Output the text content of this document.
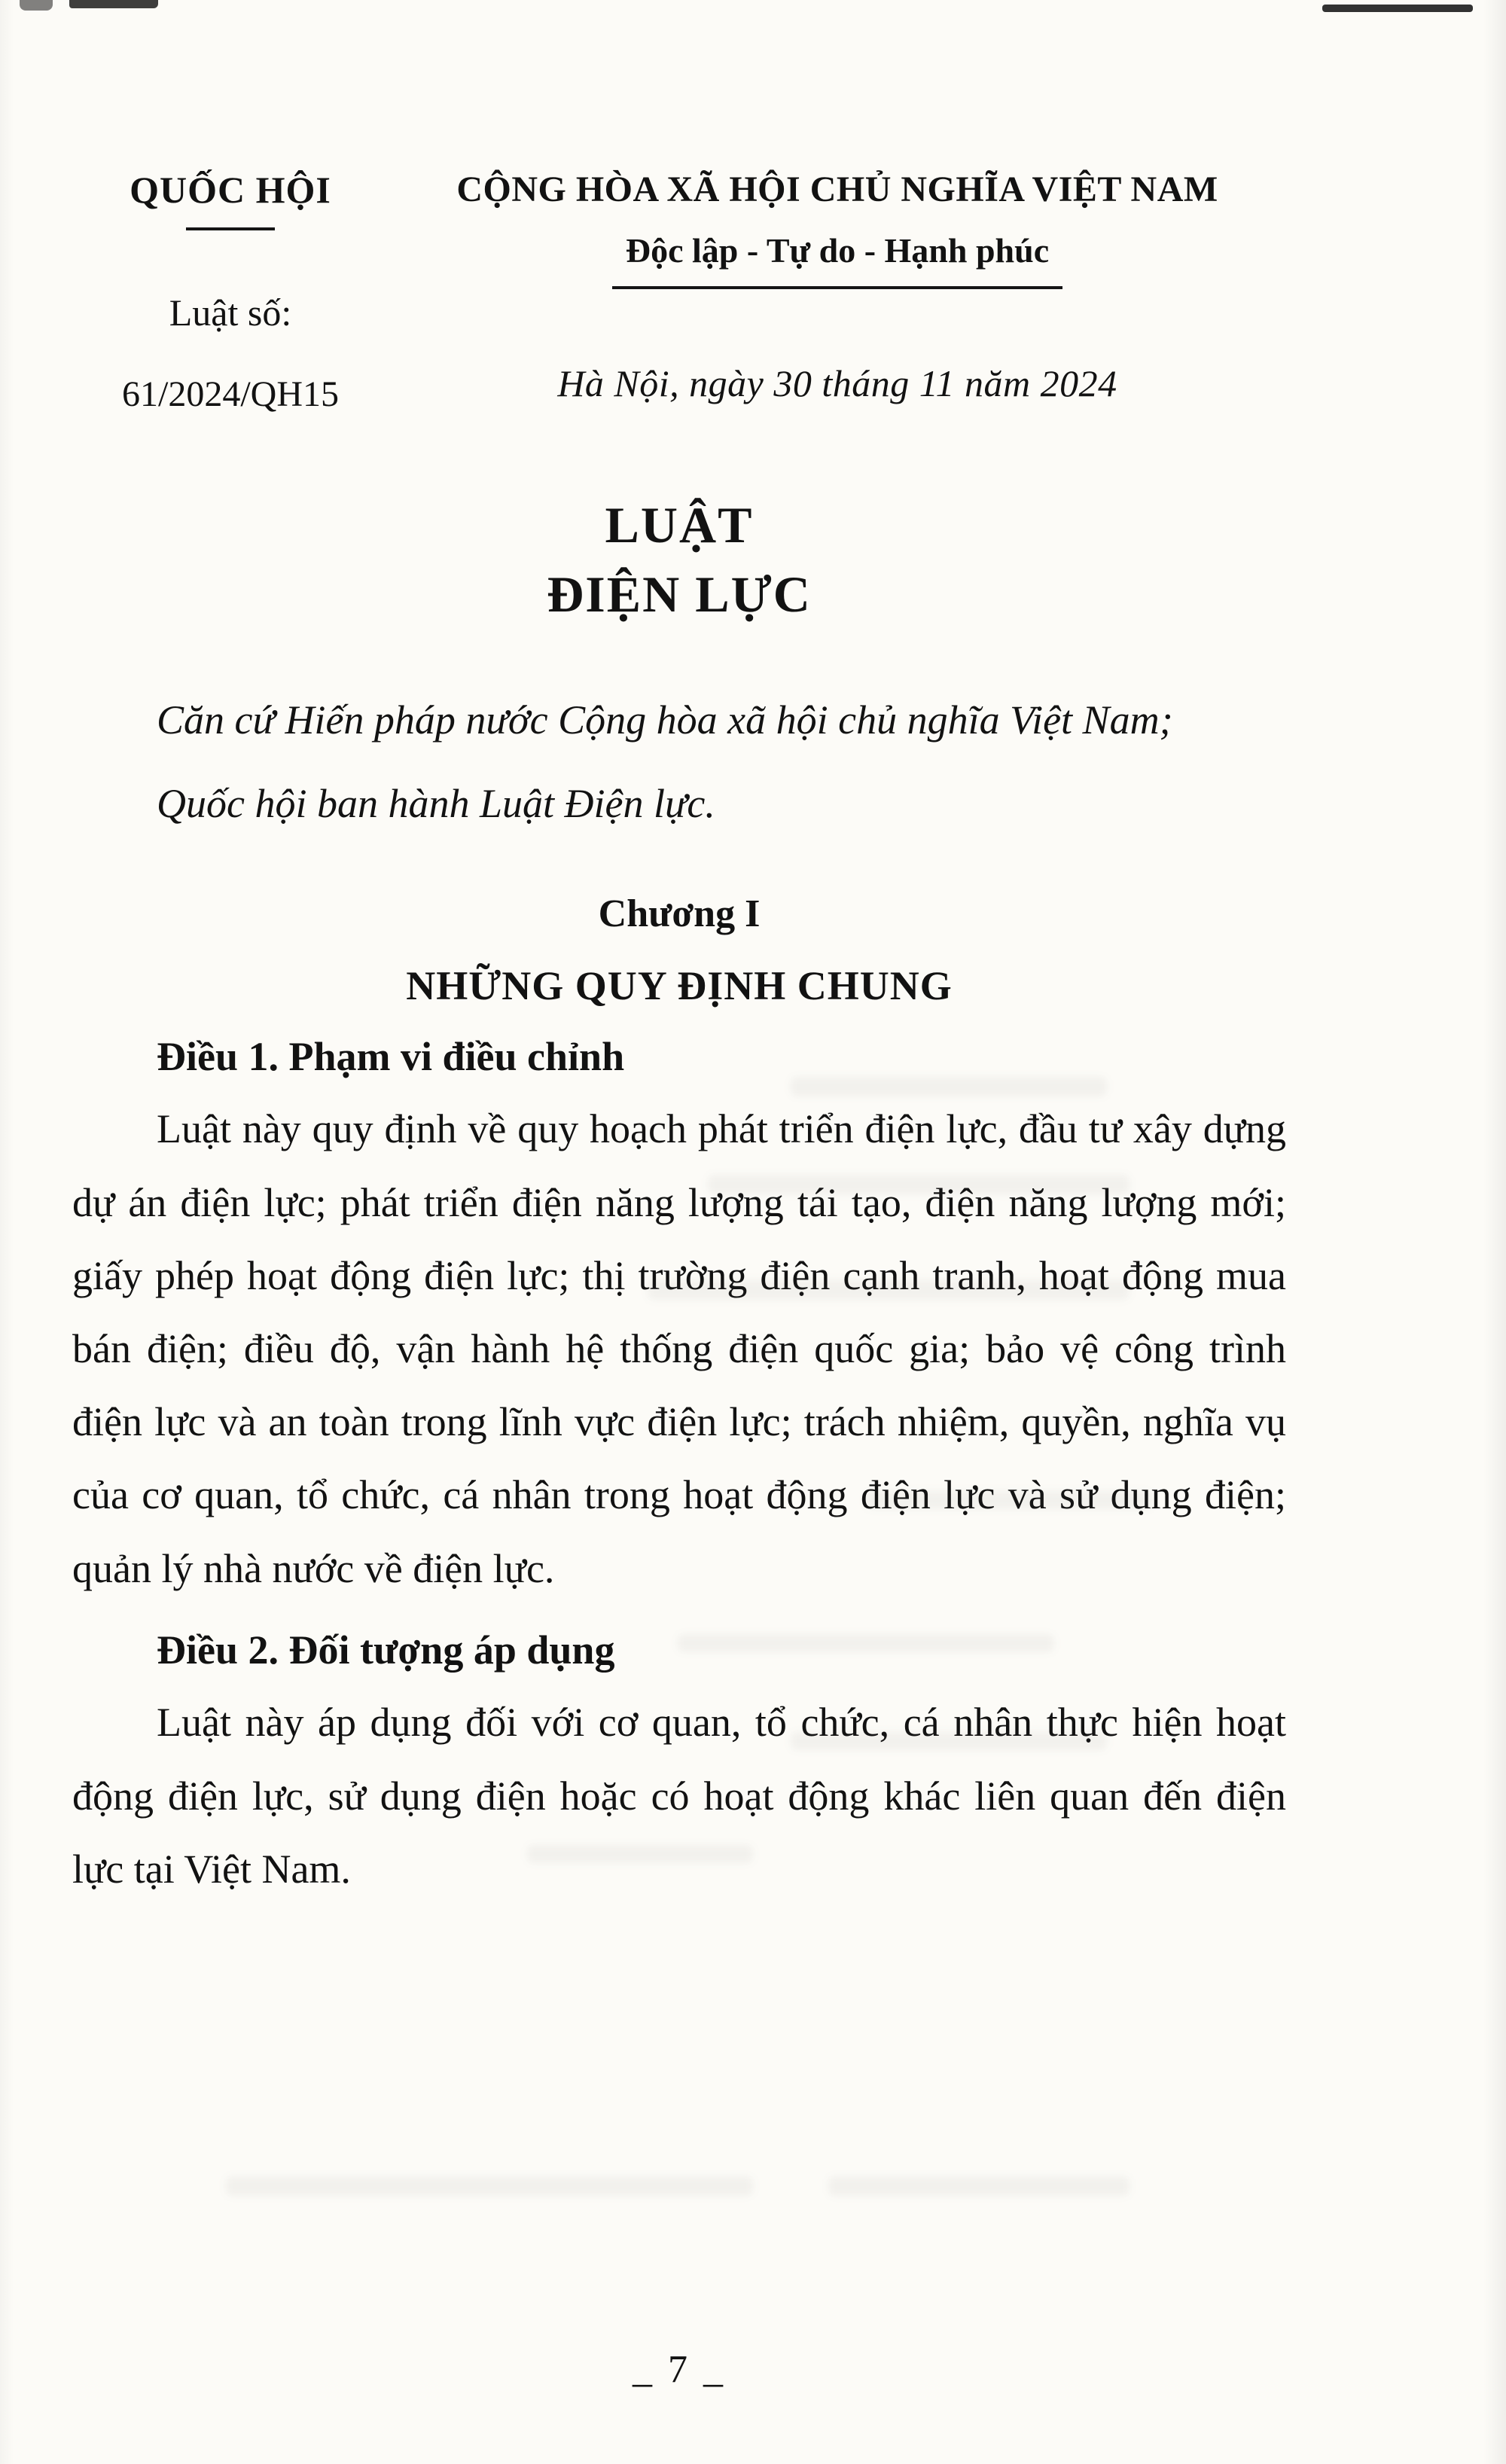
QUỐC HỘI
Luật số:
61/2024/QH15
CỘNG HÒA XÃ HỘI CHỦ NGHĨA VIỆT NAM
Độc lập - Tự do - Hạnh phúc
Hà Nội, ngày 30 tháng 11 năm 2024
LUẬT
ĐIỆN LỰC

Căn cứ Hiến pháp nước Cộng hòa xã hội chủ nghĩa Việt Nam;

Quốc hội ban hành Luật Điện lực.

Chương I
NHỮNG QUY ĐỊNH CHUNG
Điều 1. Phạm vi điều chỉnh

Luật này quy định về quy hoạch phát triển điện lực, đầu tư xây dựng dự án điện lực; phát triển điện năng lượng tái tạo, điện năng lượng mới; giấy phép hoạt động điện lực; thị trường điện cạnh tranh, hoạt động mua bán điện; điều độ, vận hành hệ thống điện quốc gia; bảo vệ công trình điện lực và an toàn trong lĩnh vực điện lực; trách nhiệm, quyền, nghĩa vụ của cơ quan, tổ chức, cá nhân trong hoạt động điện lực và sử dụng điện; quản lý nhà nước về điện lực.

Điều 2. Đối tượng áp dụng

Luật này áp dụng đối với cơ quan, tổ chức, cá nhân thực hiện hoạt động điện lực, sử dụng điện hoặc có hoạt động khác liên quan đến điện lực tại Việt Nam.

_ 7 _
